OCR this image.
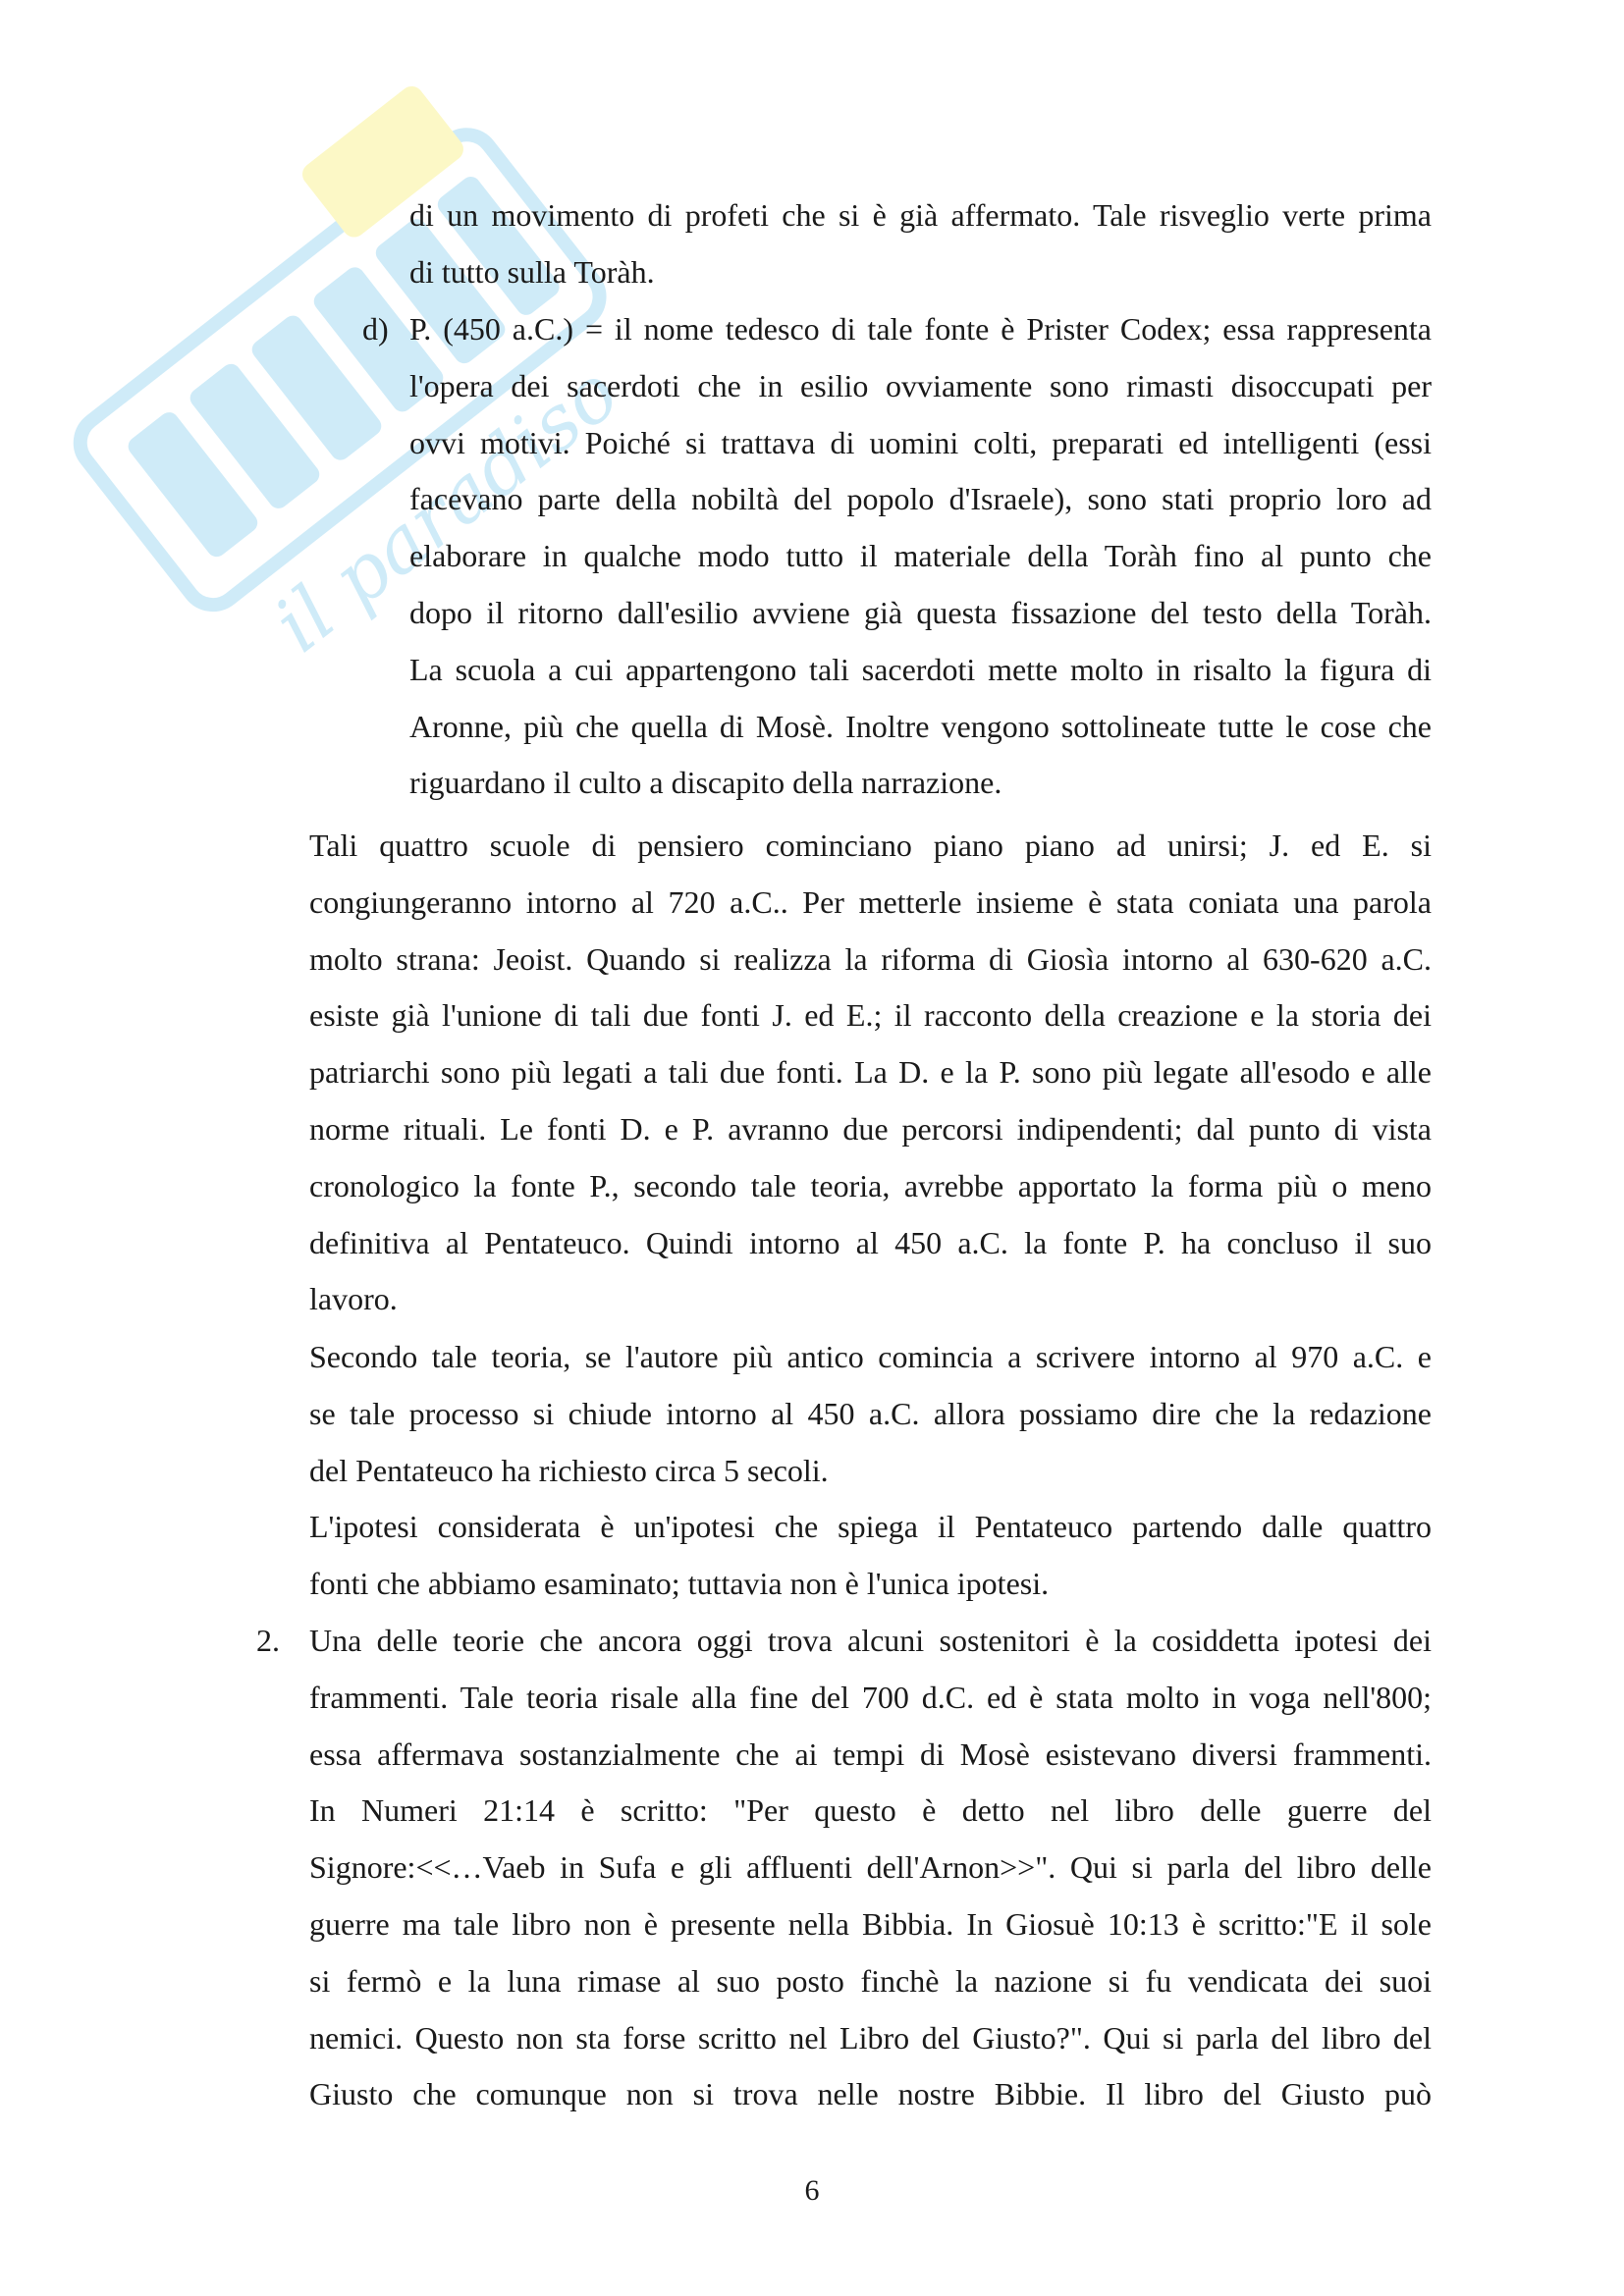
il paradiso
di un movimento di profeti che si è già affermato. Tale risveglio verte prima
di tutto sulla Toràh.
d) P. (450 a.C.) = il nome tedesco di tale fonte è Prister Codex; essa rappresenta
l'opera dei sacerdoti che in esilio ovviamente sono rimasti disoccupati per
ovvi motivi. Poiché si trattava di uomini colti, preparati ed intelligenti (essi
facevano parte della nobiltà del popolo d'Israele), sono stati proprio loro ad
elaborare in qualche modo tutto il materiale della Toràh fino al punto che
dopo il ritorno dall'esilio avviene già questa fissazione del testo della Toràh.
La scuola a cui appartengono tali sacerdoti mette molto in risalto la figura di
Aronne, più che quella di Mosè. Inoltre vengono sottolineate tutte le cose che
riguardano il culto a discapito della narrazione.
Tali quattro scuole di pensiero cominciano piano piano ad unirsi; J. ed E. si
congiungeranno intorno al 720 a.C.. Per metterle insieme è stata coniata una parola
molto strana: Jeoist. Quando si realizza la riforma di Giosìa intorno al 630-620 a.C.
esiste già l'unione di tali due fonti J. ed E.; il racconto della creazione e la storia dei
patriarchi sono più legati a tali due fonti. La D. e la P. sono più legate all'esodo e alle
norme rituali. Le fonti D. e P. avranno due percorsi indipendenti; dal punto di vista
cronologico la fonte P., secondo tale teoria, avrebbe apportato la forma più o meno
definitiva al Pentateuco. Quindi intorno al 450 a.C. la fonte P. ha concluso il suo
lavoro.
Secondo tale teoria, se l'autore più antico comincia a scrivere intorno al 970 a.C. e
se tale processo si chiude intorno al 450 a.C. allora possiamo dire che la redazione
del Pentateuco ha richiesto circa 5 secoli.
L'ipotesi considerata è un'ipotesi che spiega il Pentateuco partendo dalle quattro
fonti che abbiamo esaminato; tuttavia non è l'unica ipotesi.
2. Una delle teorie che ancora oggi trova alcuni sostenitori è la cosiddetta ipotesi dei
frammenti. Tale teoria risale alla fine del 700 d.C. ed è stata molto in voga nell'800;
essa affermava sostanzialmente che ai tempi di Mosè esistevano diversi frammenti.
In Numeri 21:14 è scritto: "Per questo è detto nel libro delle guerre del
Signore:<<…Vaeb in Sufa e gli affluenti dell'Arnon>>". Qui si parla del libro delle
guerre ma tale libro non è presente nella Bibbia. In Giosuè 10:13 è scritto:"E il sole
si fermò e la luna rimase al suo posto finchè la nazione si fu vendicata dei suoi
nemici. Questo non sta forse scritto nel Libro del Giusto?". Qui si parla del libro del
Giusto che comunque non si trova nelle nostre Bibbie. Il libro del Giusto può
6
